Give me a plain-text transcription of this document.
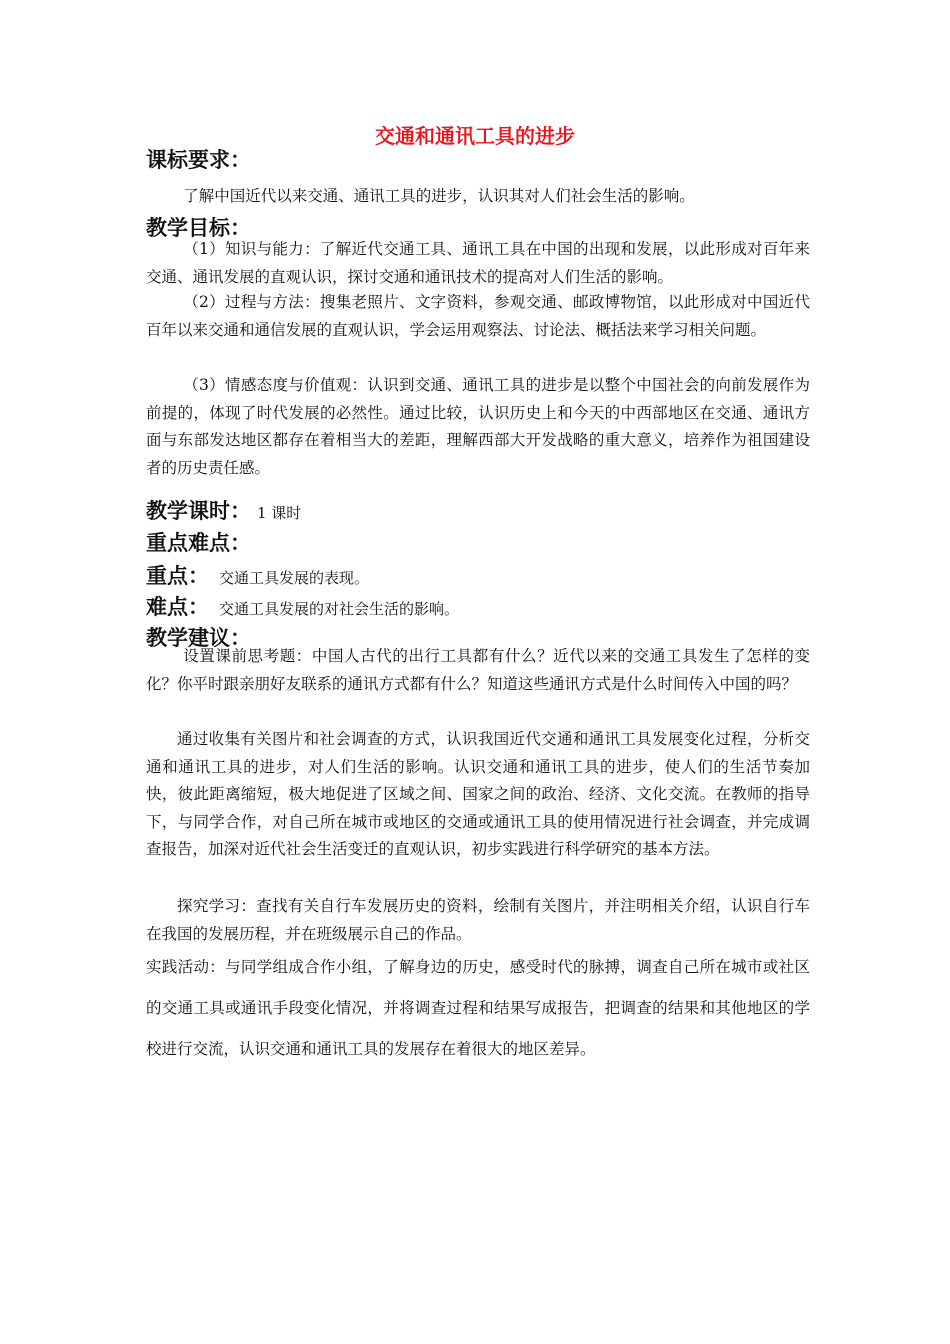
交通和通讯工具的进步
课标要求：
了解中国近代以来交通、通讯工具的进步，认识其对人们社会生活的影响。
教学目标：
（1）知识与能力：了解近代交通工具、通讯工具在中国的出现和发展，以此形成对百年来交通、通讯发展的直观认识，探讨交通和通讯技术的提高对人们生活的影响。
（2）过程与方法：搜集老照片、文字资料，参观交通、邮政博物馆，以此形成对中国近代百年以来交通和通信发展的直观认识，学会运用观察法、讨论法、概括法来学习相关问题。
（3）情感态度与价值观：认识到交通、通讯工具的进步是以整个中国社会的向前发展作为前提的，体现了时代发展的必然性。通过比较，认识历史上和今天的中西部地区在交通、通讯方面与东部发达地区都存在着相当大的差距，理解西部大开发战略的重大意义，培养作为祖国建设者的历史责任感。
教学课时： 1 课时
重点难点：
重点： 交通工具发展的表现。
难点： 交通工具发展的对社会生活的影响。
教学建议：
设置课前思考题：中国人古代的出行工具都有什么？近代以来的交通工具发生了怎样的变化？你平时跟亲朋好友联系的通讯方式都有什么？知道这些通讯方式是什么时间传入中国的吗？
通过收集有关图片和社会调查的方式，认识我国近代交通和通讯工具发展变化过程，分析交通和通讯工具的进步，对人们生活的影响。认识交通和通讯工具的进步，使人们的生活节奏加快，彼此距离缩短，极大地促进了区域之间、国家之间的政治、经济、文化交流。在教师的指导下，与同学合作，对自己所在城市或地区的交通或通讯工具的使用情况进行社会调查，并完成调查报告，加深对近代社会生活变迁的直观认识，初步实践进行科学研究的基本方法。
探究学习：查找有关自行车发展历史的资料，绘制有关图片，并注明相关介绍，认识自行车在我国的发展历程，并在班级展示自己的作品。
实践活动：与同学组成合作小组，了解身边的历史，感受时代的脉搏，调查自己所在城市或社区的交通工具或通讯手段变化情况，并将调查过程和结果写成报告，把调查的结果和其他地区的学校进行交流，认识交通和通讯工具的发展存在着很大的地区差异。
